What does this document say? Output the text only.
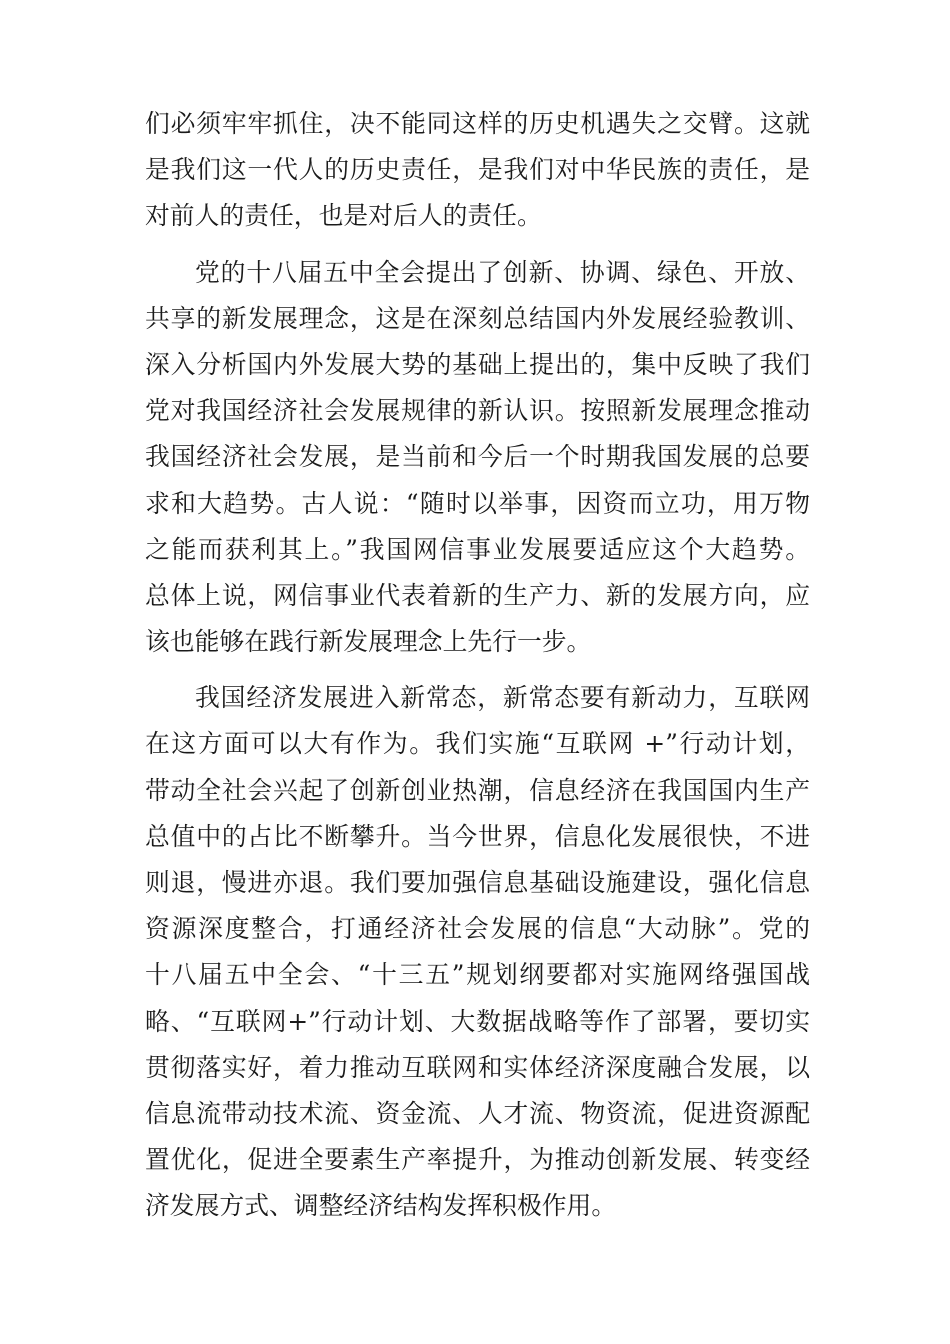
们必须牢牢抓住，决不能同这样的历史机遇失之交臂。这就
是我们这一代人的历史责任，是我们对中华民族的责任，是
对前人的责任，也是对后人的责任。
党的十八届五中全会提出了创新、协调、绿色、开放、
共享的新发展理念，这是在深刻总结国内外发展经验教训、
深入分析国内外发展大势的基础上提出的，集中反映了我们
党对我国经济社会发展规律的新认识。按照新发展理念推动
我国经济社会发展，是当前和今后一个时期我国发展的总要
求和大趋势。古人说：“随时以举事，因资而立功，用万物
之能而获利其上。”我国网信事业发展要适应这个大趋势。
总体上说，网信事业代表着新的生产力、新的发展方向，应
该也能够在践行新发展理念上先行一步。
我国经济发展进入新常态，新常态要有新动力，互联网
在这方面可以大有作为。我们实施“互联网 +”行动计划，
带动全社会兴起了创新创业热潮，信息经济在我国国内生产
总值中的占比不断攀升。当今世界，信息化发展很快，不进
则退，慢进亦退。我们要加强信息基础设施建设，强化信息
资源深度整合，打通经济社会发展的信息“大动脉”。党的
十八届五中全会、“十三五”规划纲要都对实施网络强国战
略、“互联网+”行动计划、大数据战略等作了部署，要切实
贯彻落实好，着力推动互联网和实体经济深度融合发展，以
信息流带动技术流、资金流、人才流、物资流，促进资源配
置优化，促进全要素生产率提升，为推动创新发展、转变经
济发展方式、调整经济结构发挥积极作用。
